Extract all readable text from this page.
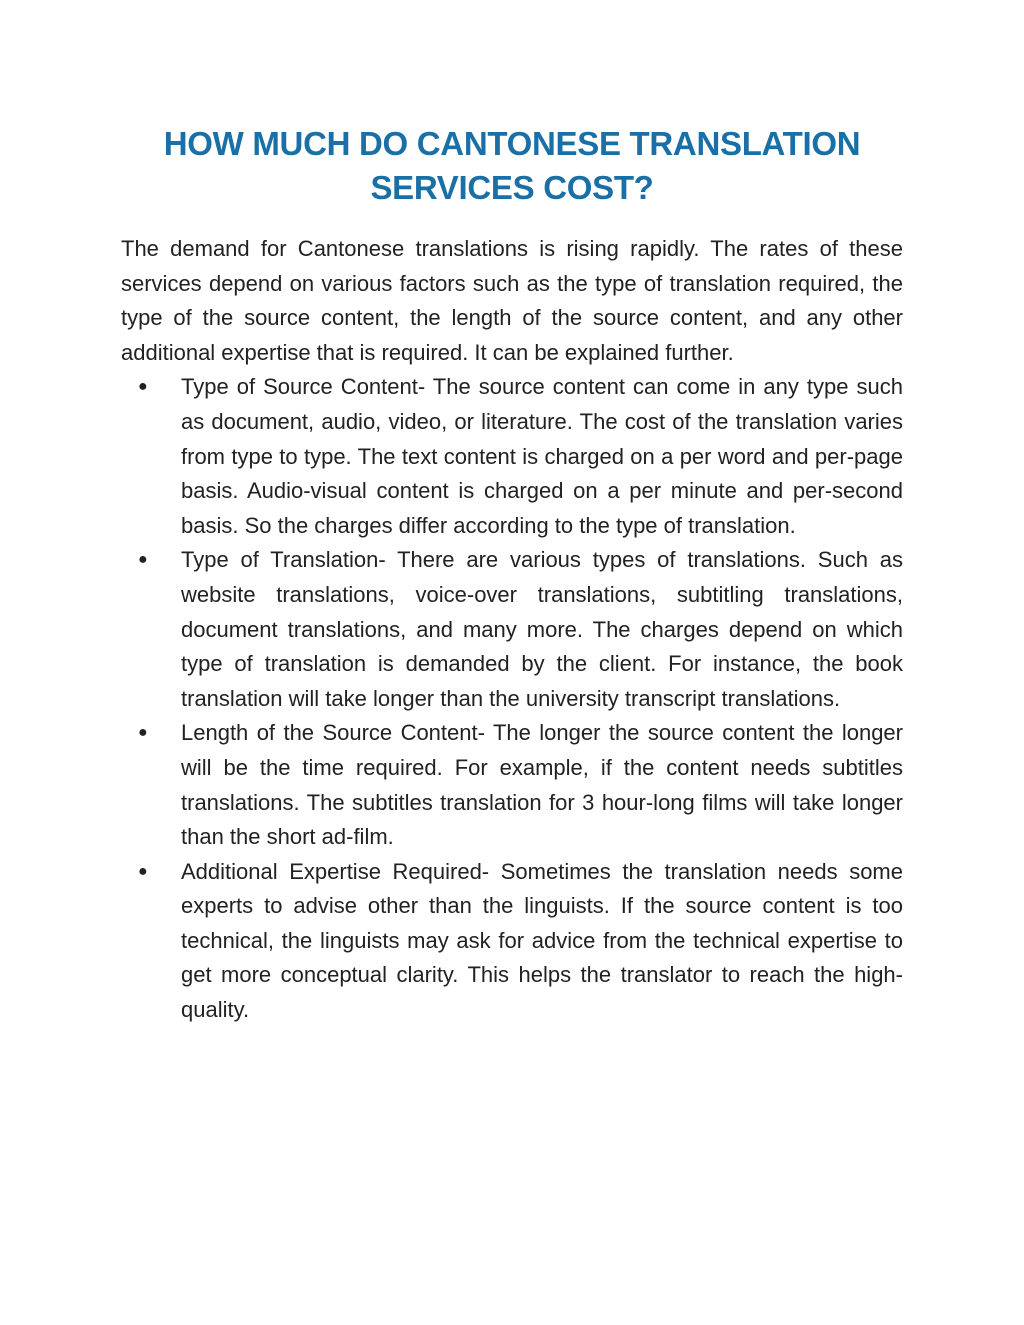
HOW MUCH DO CANTONESE TRANSLATION SERVICES COST?

The demand for Cantonese translations is rising rapidly. The rates of these services depend on various factors such as the type of translation required, the type of the source content, the length of the source content, and any other additional expertise that is required. It can be explained further.

● Type of Source Content- The source content can come in any type such as document, audio, video, or literature. The cost of the translation varies from type to type. The text content is charged on a per word and per-page basis. Audio-visual content is charged on a per minute and per-second basis. So the charges differ according to the type of translation.
● Type of Translation- There are various types of translations. Such as website translations, voice-over translations, subtitling translations, document translations, and many more. The charges depend on which type of translation is demanded by the client. For instance, the book translation will take longer than the university transcript translations.
● Length of the Source Content- The longer the source content the longer will be the time required. For example, if the content needs subtitles translations. The subtitles translation for 3 hour-long films will take longer than the short ad-film.
● Additional Expertise Required- Sometimes the translation needs some experts to advise other than the linguists. If the source content is too technical, the linguists may ask for advice from the technical expertise to get more conceptual clarity. This helps the translator to reach the high-quality.
